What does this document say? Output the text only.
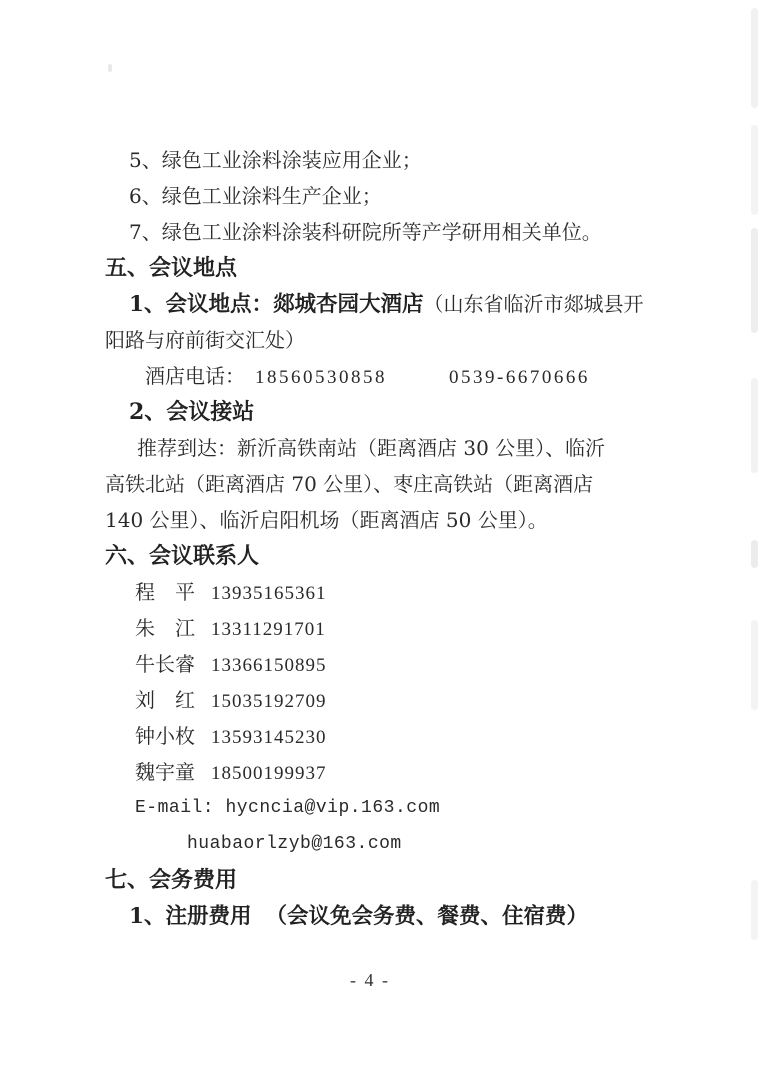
5、绿色工业涂料涂装应用企业；
6、绿色工业涂料生产企业；
7、绿色工业涂料涂装科研院所等产学研用相关单位。
五、会议地点
1、会议地点：郯城杏园大酒店（山东省临沂市郯城县开
阳路与府前街交汇处）
酒店电话： 18560530858	0539-6670666
2、会议接站
推荐到达：新沂高铁南站（距离酒店 30 公里）、临沂
高铁北站（距离酒店 70 公里）、枣庄高铁站（距离酒店
140 公里）、临沂启阳机场（距离酒店 50 公里）。
六、会议联系人
程　平 13935165361
朱　江 13311291701
牛长睿 13366150895
刘　红 15035192709
钟小枚 13593145230
魏宇童 18500199937
E-mail: hycncia@vip.163.com
huabaorlzyb@163.com
七、会务费用
1、注册费用 （会议免会务费、餐费、住宿费）
- 4 -
